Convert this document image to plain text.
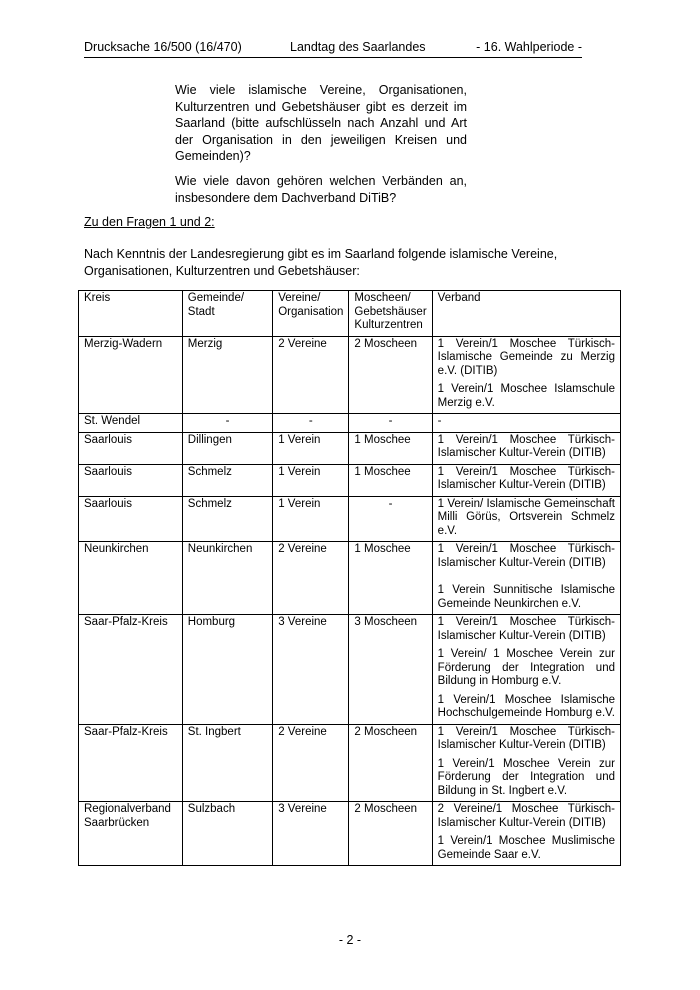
Drucksache 16/500 (16/470)	Landtag des Saarlandes	- 16. Wahlperiode -

Wie viele islamische Vereine, Organisationen, Kulturzentren und Gebetshäuser gibt es derzeit im Saarland (bitte aufschlüsseln nach Anzahl und Art der Organisation in den jeweiligen Kreisen und Gemeinden)?

Wie viele davon gehören welchen Verbänden an, insbesondere dem Dachverband DiTiB?

Zu den Fragen 1 und 2:

Nach Kenntnis der Landesregierung gibt es im Saarland folgende islamische Vereine, Organisationen, Kulturzentren und Gebetshäuser:

Kreis	Gemeinde/ Stadt	Vereine/ Organisation	Moscheen/ Gebetshäuser Kulturzentren	Verband
Merzig-Wadern	Merzig	2 Vereine	2 Moscheen	1 Verein/1 Moschee Türkisch-Islamische Gemeinde zu Merzig e.V. (DITIB)

1 Verein/1 Moschee Islamschule Merzig e.V.

St. Wendel	-	-	-	-

Saarlouis	Dillingen	1 Verein	1 Moschee	1 Verein/1 Moschee Türkisch-Islamischer Kultur-Verein (DITIB)

Saarlouis	Schmelz	1 Verein	1 Moschee	1 Verein/1 Moschee Türkisch-Islamischer Kultur-Verein (DITIB)

Saarlouis	Schmelz	1 Verein	-	1 Verein/ Islamische Gemeinschaft Milli Görüs, Ortsverein Schmelz e.V.

Neunkirchen	Neunkirchen	2 Vereine	1 Moschee	1 Verein/1 Moschee Türkisch-Islamischer Kultur-Verein (DITIB)

1 Verein Sunnitische Islamische Gemeinde Neunkirchen e.V.

Saar-Pfalz-Kreis	Homburg	3 Vereine	3 Moscheen	1 Verein/1 Moschee Türkisch-Islamischer Kultur-Verein (DITIB)

1 Verein/ 1 Moschee Verein zur Förderung der Integration und Bildung in Homburg e.V.

1 Verein/1 Moschee Islamische Hochschulgemeinde Homburg e.V.

Saar-Pfalz-Kreis	St. Ingbert	2 Vereine	2 Moscheen	1 Verein/1 Moschee Türkisch-Islamischer Kultur-Verein (DITIB)

1 Verein/1 Moschee Verein zur Förderung der Integration und Bildung in St. Ingbert e.V.

Regionalverband Saarbrücken	Sulzbach	3 Vereine	2 Moscheen	2 Vereine/1 Moschee Türkisch-Islamischer Kultur-Verein (DITIB)

1 Verein/1 Moschee Muslimische Gemeinde Saar e.V.

- 2 -
